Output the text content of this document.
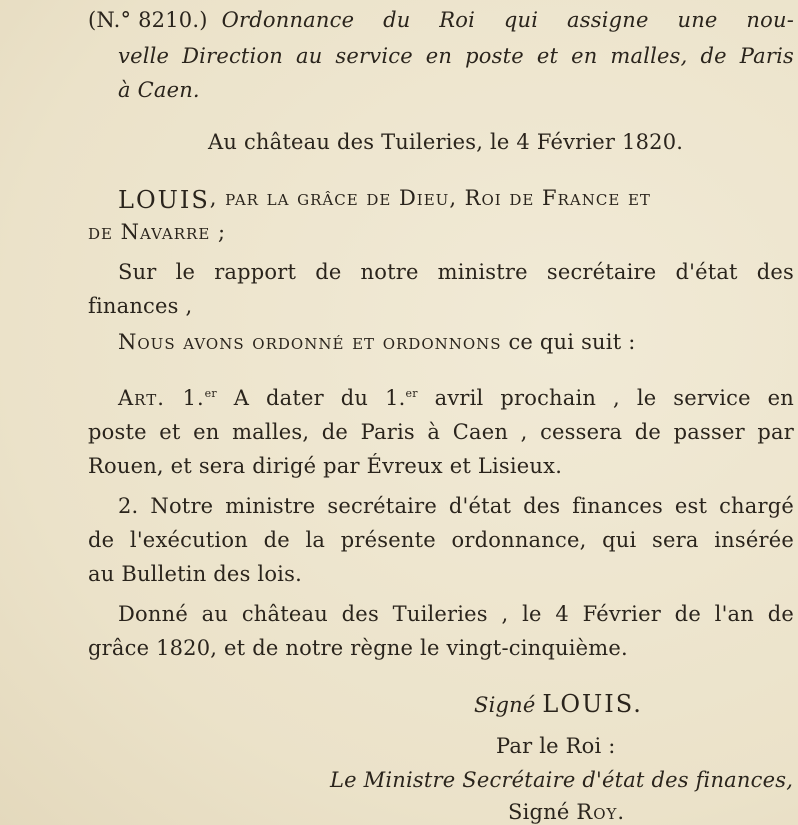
(N.° 8210.) Ordonnance du Roi qui assigne une nou-
velle Direction au service en poste et en malles, de Paris
à Caen.
Au château des Tuileries, le 4 Février 1820.
LOUIS , par la grâce de Dieu, Roi de France et
de Navarre ;
Sur le rapport de notre ministre secrétaire d'état des
finances ,
Nous avons ordonné et ordonnons ce qui suit :
Art. 1.$^{er}$ A dater du 1.$^{er}$ avril prochain , le service en
poste et en malles, de Paris à Caen , cessera de passer par
Rouen, et sera dirigé par Évreux et Lisieux.
2. Notre ministre secrétaire d'état des finances est chargé
de l'exécution de la présente ordonnance, qui sera insérée
au Bulletin des lois.
Donné au château des Tuileries , le 4 Février de l'an de
grâce 1820, et de notre règne le vingt-cinquième.
Signé LOUIS.
Par le Roi :
Le Ministre Secrétaire d'état des finances,
Signé Roy.
